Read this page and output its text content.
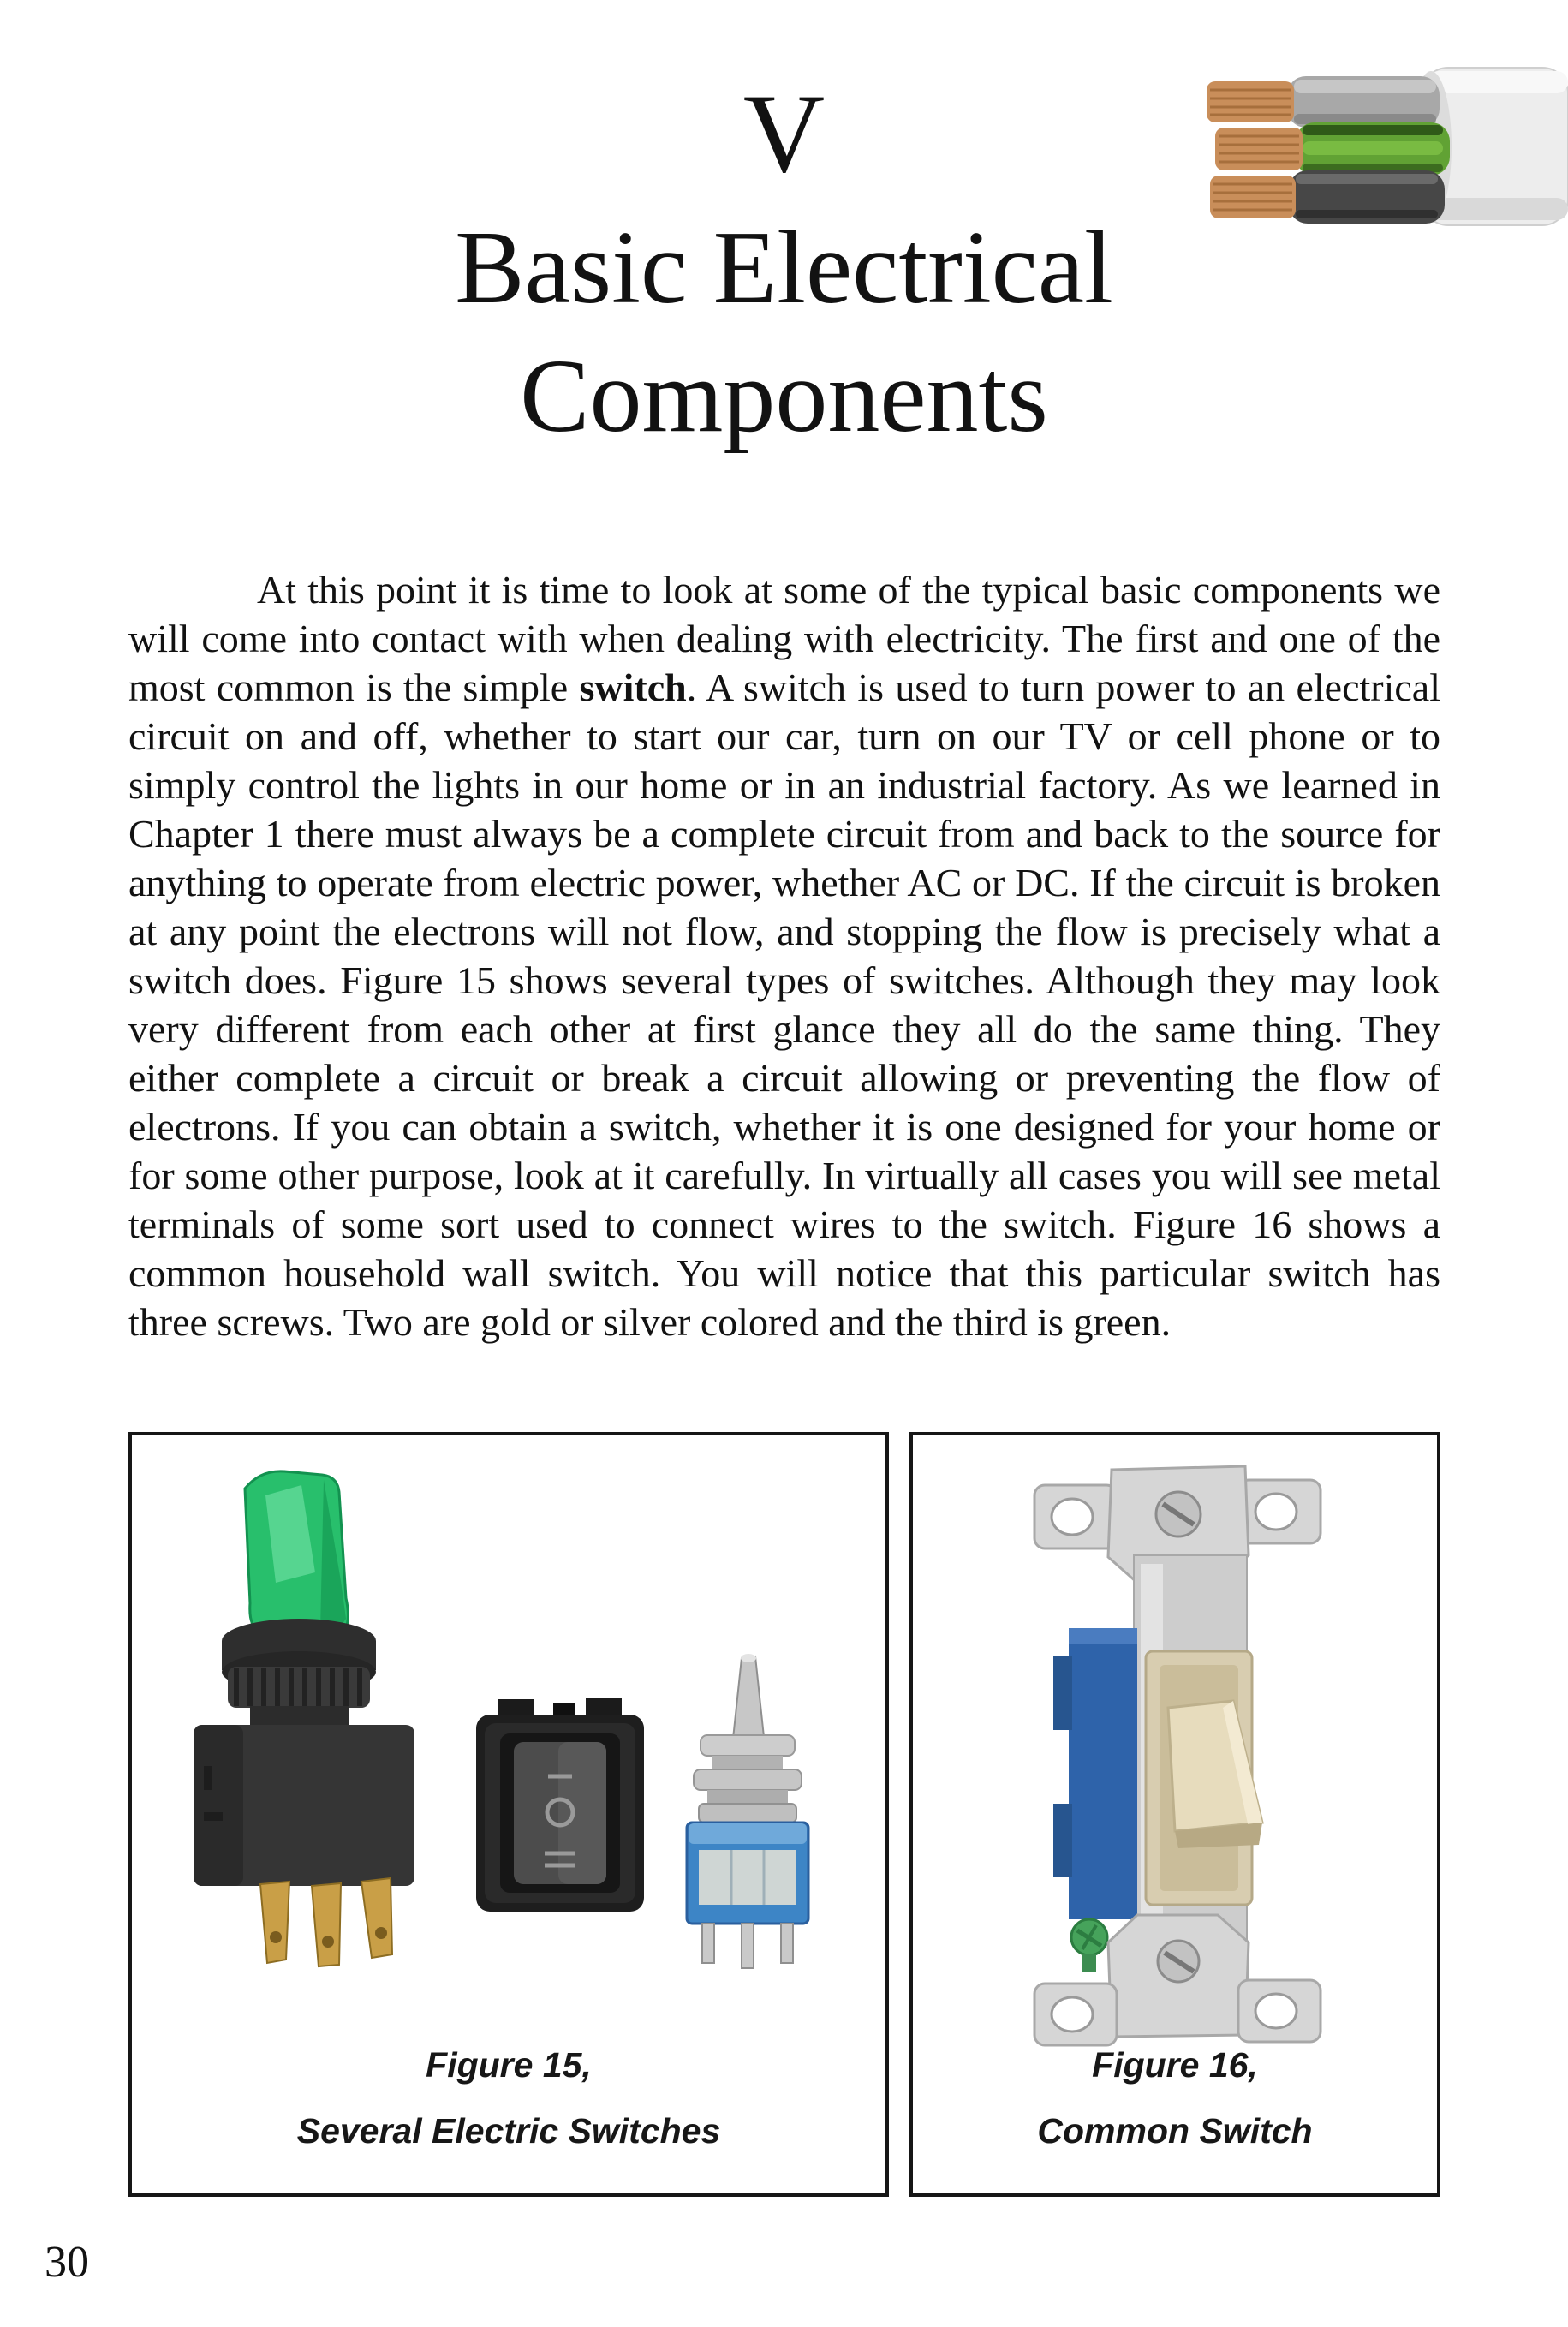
V
Basic Electrical
Components

At this point it is time to look at some of the typical basic components we will come into contact with when dealing with electricity. The first and one of the most common is the simple switch. A switch is used to turn power to an electrical circuit on and off, whether to start our car, turn on our TV or cell phone or to simply control the lights in our home or in an industrial factory. As we learned in Chapter 1 there must always be a complete circuit from and back to the source for anything to operate from electric power, whether AC or DC. If the circuit is broken at any point the electrons will not flow, and stopping the flow is precisely what a switch does. Figure 15 shows several types of switches. Although they may look very different from each other at first glance they all do the same thing. They either complete a circuit or break a circuit allowing or preventing the flow of electrons. If you can obtain a switch, whether it is one designed for your home or for some other purpose, look at it carefully. In virtually all cases you will see metal terminals of some sort used to connect wires to the switch. Figure 16 shows a common household wall switch. You will notice that this particular switch has three screws. Two are gold or silver colored and the third is green.

Figure 15,
Several Electric Switches
Figure 16,
Common Switch
30
